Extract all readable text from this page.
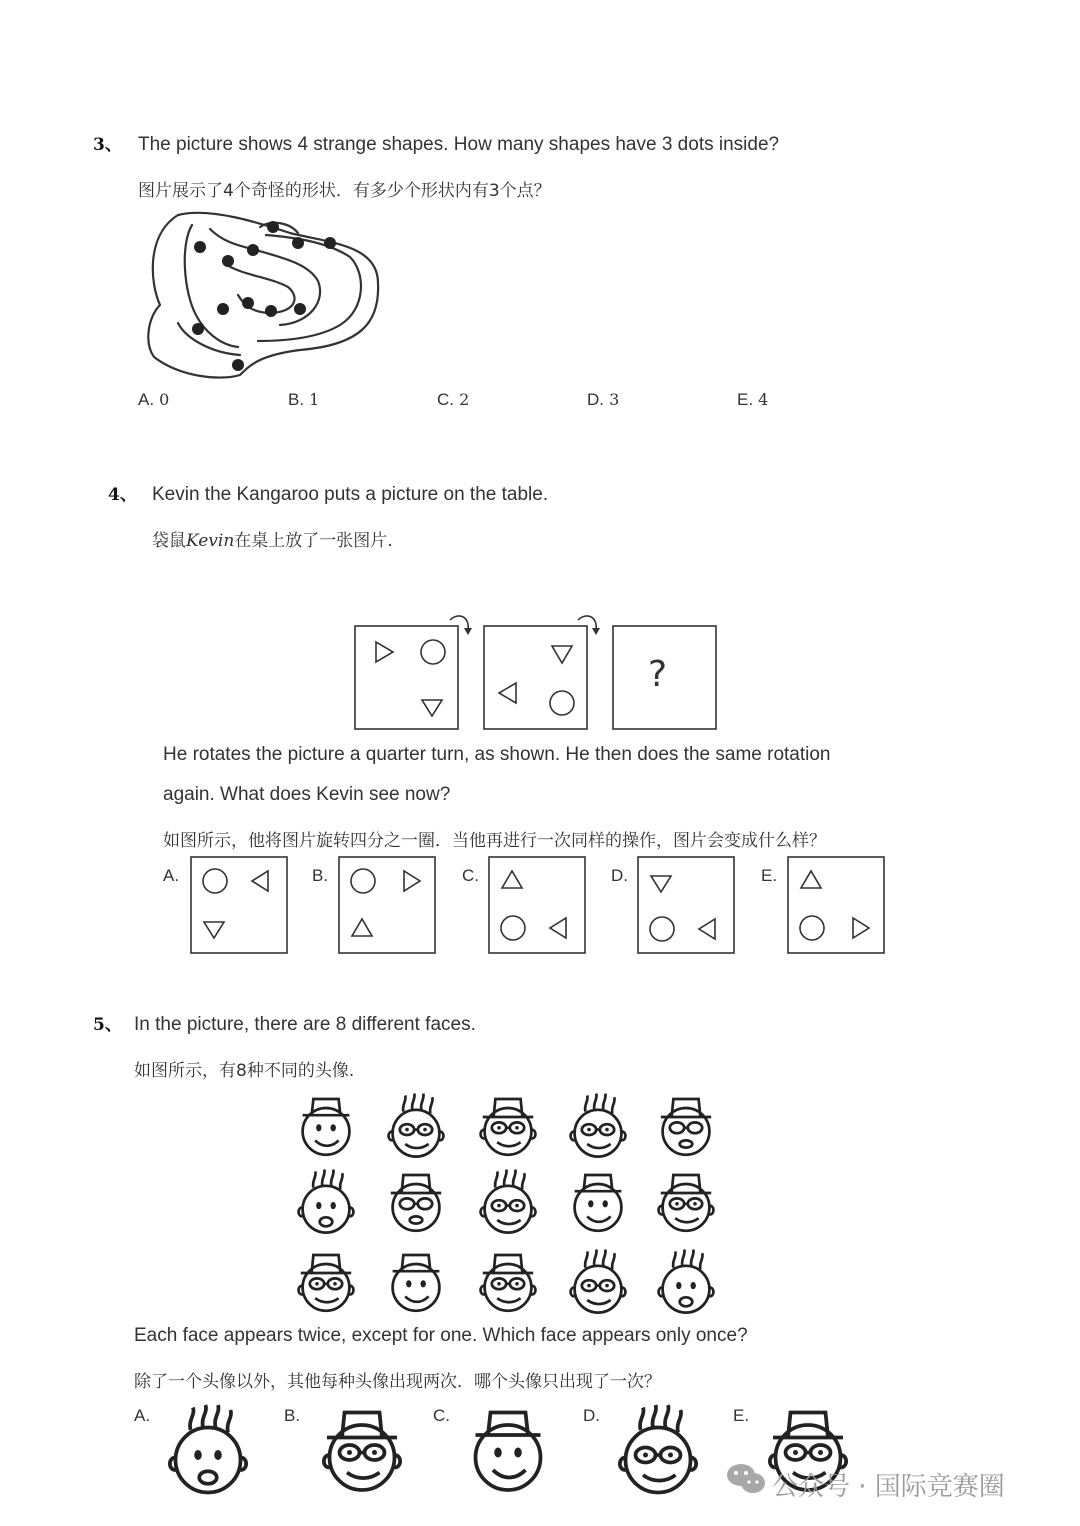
3、 The picture shows 4 strange shapes. How many shapes have 3 dots inside?
图片展示了4个奇怪的形状．有多少个形状内有3个点？
A. 0	B. 1	C. 2	D. 3	E. 4
4、 Kevin the Kangaroo puts a picture on the table.
袋鼠Kevin在桌上放了一张图片.
?
He rotates the picture a quarter turn, as shown. He then does the same rotation
again. What does Kevin see now?
如图所示，他将图片旋转四分之一圈．当他再进行一次同样的操作，图片会变成什么样？
A.	B.	C.	D.	E.
5、 In the picture, there are 8 different faces.
如图所示，有8种不同的头像.
Each face appears twice, except for one. Which face appears only once?
除了一个头像以外，其他每种头像出现两次．哪个头像只出现了一次？
A.	B.	C.	D.	E.
公众号 · 国际竞赛圈
